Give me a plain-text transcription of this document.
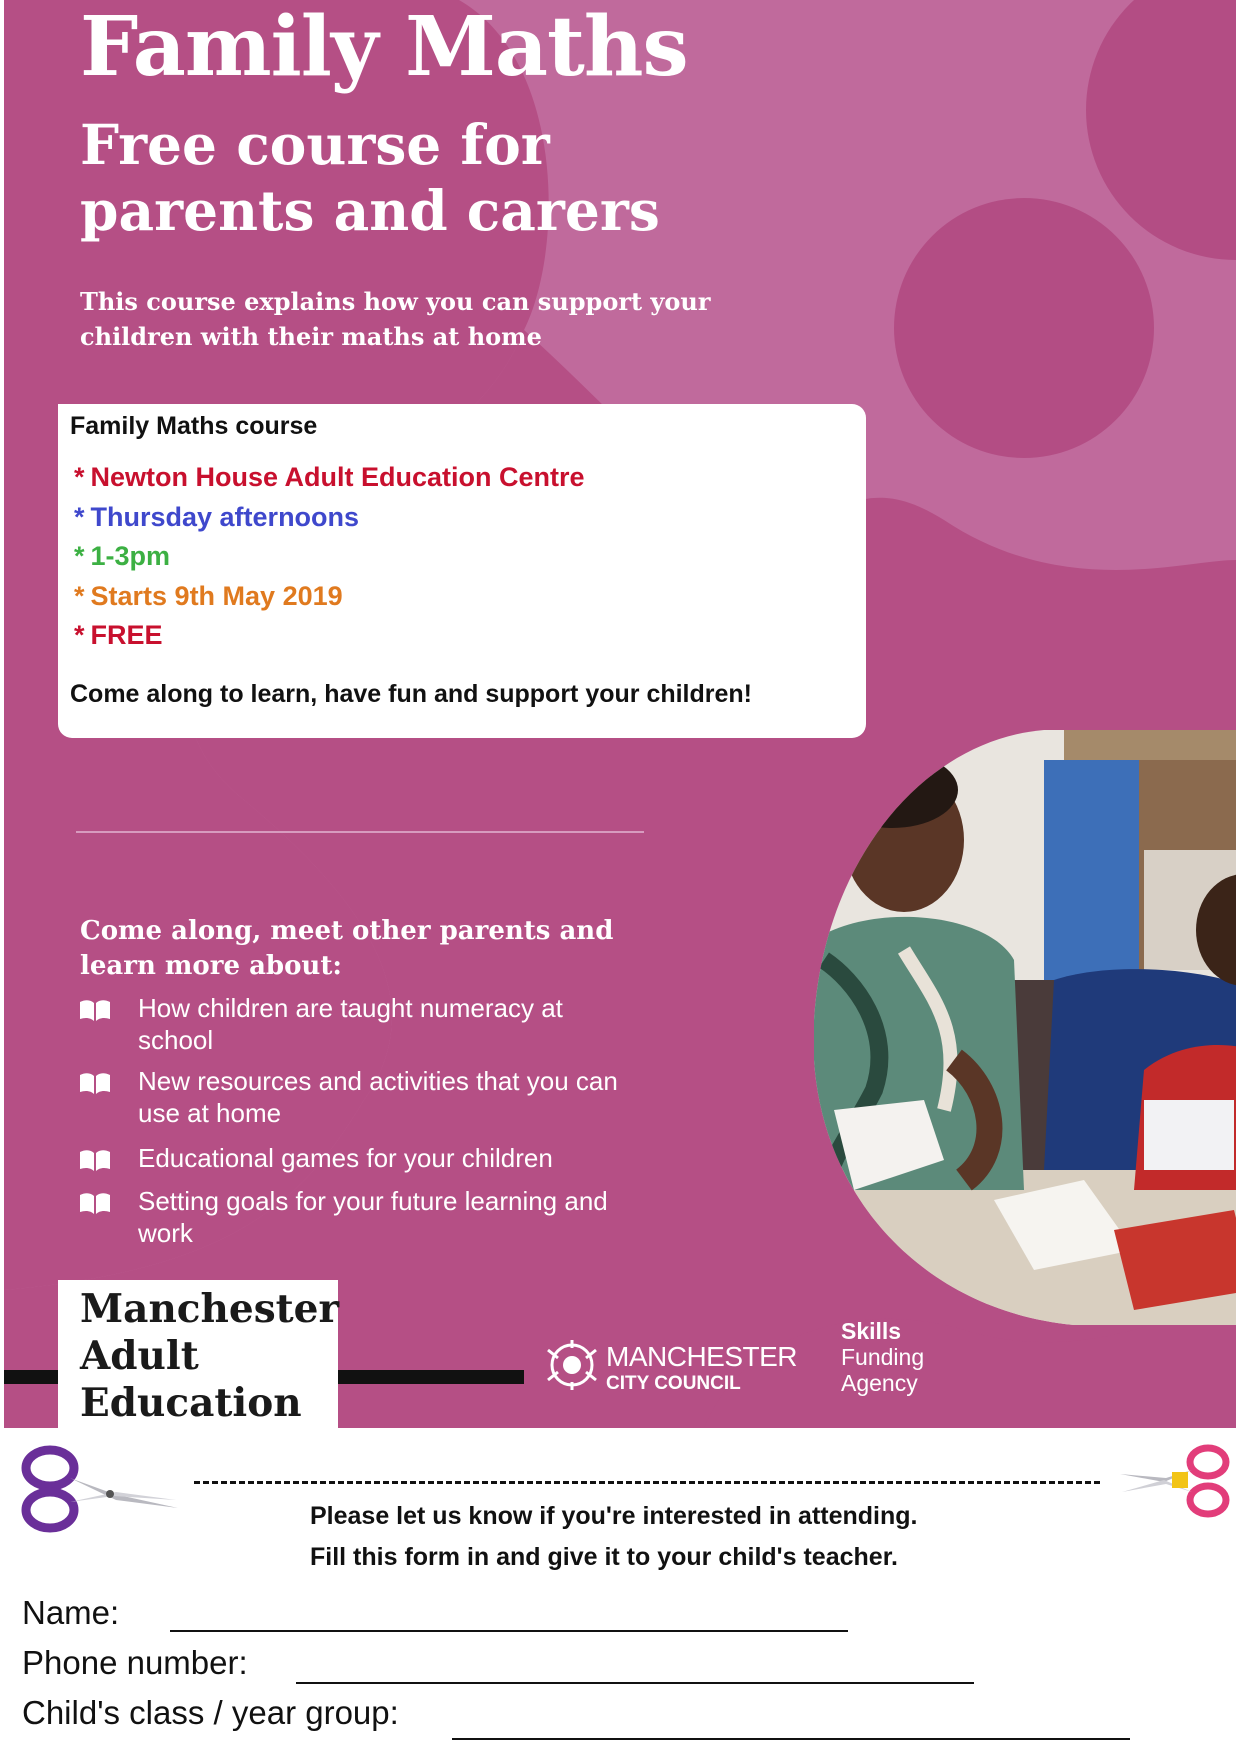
Family Maths
Free course for parents and carers
This course explains how you can support your children with their maths at home
Family Maths course
* Newton House Adult Education Centre
* Thursday afternoons
* 1-3pm
* Starts 9th May 2019
* FREE
Come along to learn, have fun and support your children!
Come along, meet other parents and learn more about:
How children are taught numeracy at school
New resources and activities that you can use at home
Educational games for your children
Setting goals for your future learning and work
Manchester
Adult
Education
MANCHESTER
CITY COUNCIL
Skills
Funding
Agency
Please let us know if you're interested in attending.
Fill this form in and give it to your child's teacher.
Name:
Phone number:
Child's class / year group:
